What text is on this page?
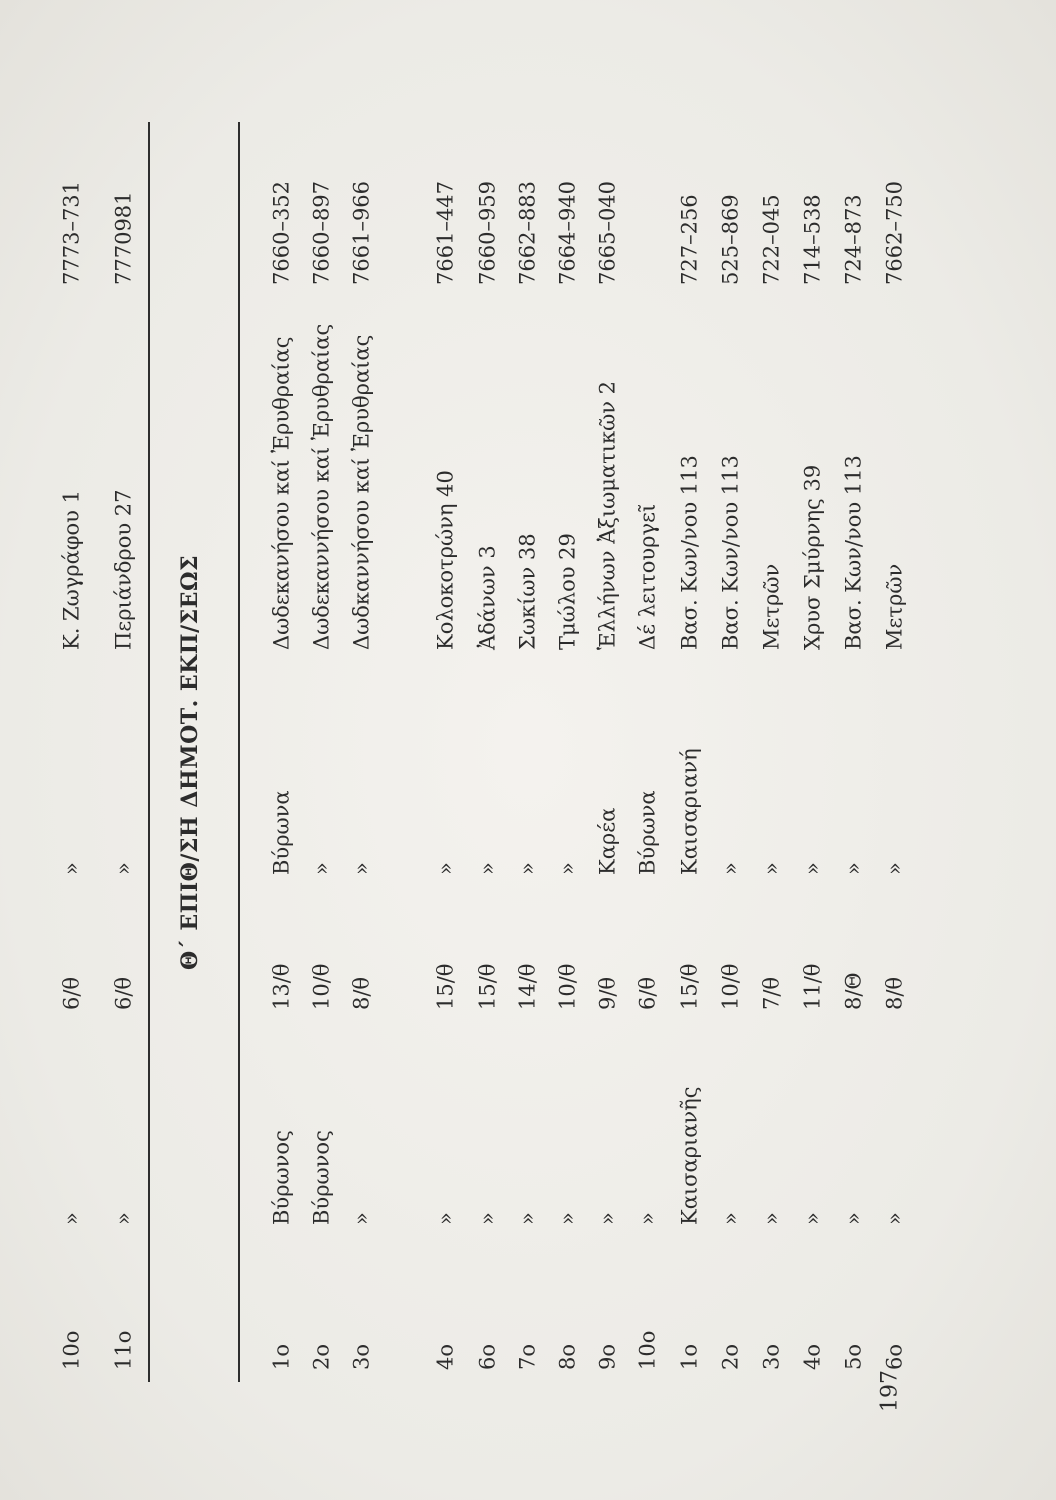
Θ΄ ΕΠΙΘ/ΣΗ ΔΗΜΟΤ. ΕΚΠ/ΣΕΩΣ
197
10ο
»
6/θ
»
Κ. Ζωγράφου 1
7773–731
11ο
»
6/θ
»
Περιάνδρου 27
7770981
1ο
Βύρωνος
13/θ
Βύρωνα
Δωδεκανήσου καί Ἐρυθραίας
7660–352
2ο
Βύρωνος
10/θ
»
Δωδεκαννήσου καί Ἐρυθραίας
7660–897
3ο
»
8/θ
»
Δωδκαννήσου καί Ἐρυθραίας
7661–966
4ο
»
15/θ
»
Κολοκοτρώνη 40
7661–447
6ο
»
15/θ
»
Ἀδάνων 3
7660–959
7ο
»
14/θ
»
Σωκίων 38
7662–883
8ο
»
10/θ
»
Τμώλου 29
7664–940
9ο
»
9/θ
Καρέα
Ἑλλήνων Ἀξιωματικῶν 2
7665–040
10ο
»
6/θ
Βύρωνα
Δέ λειτουργεῖ
1ο
Καισαριανῆς
15/θ
Καισαριανή
Βασ. Κων/νου 113
727–256
2ο
»
10/θ
»
Βασ. Κων/νου 113
525–869
3ο
»
7/θ
»
Μετρῶν
722–045
4ο
»
11/θ
»
Χρυσ Σμύρνης 39
714–538
5ο
»
8/Θ
»
Βασ. Κων/νου 113
724–873
6ο
»
8/θ
»
Μετρῶν
7662–750
